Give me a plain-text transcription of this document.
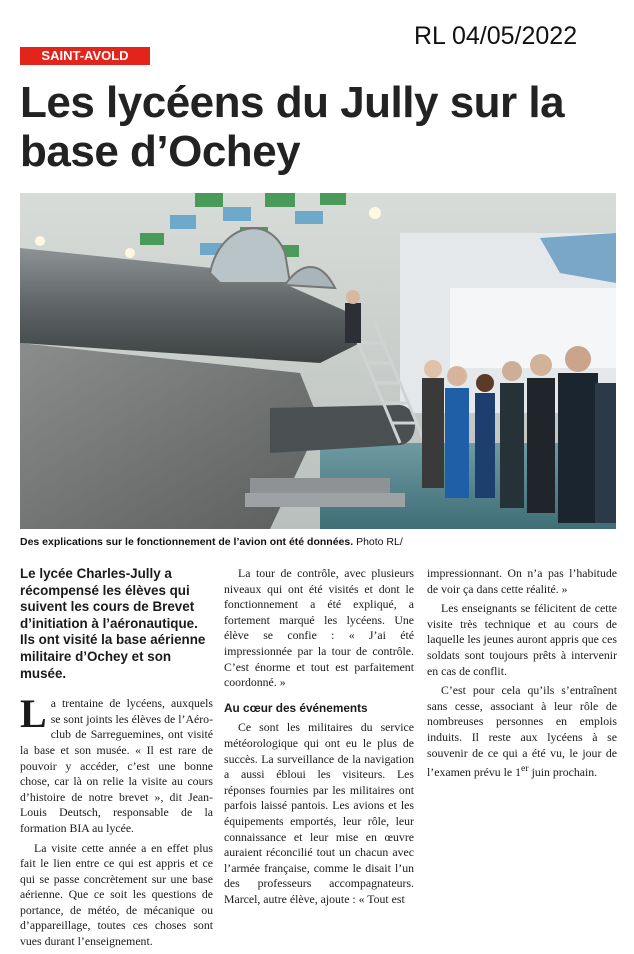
RL 04/05/2022
SAINT-AVOLD
Les lycéens du Jully sur la base d’Ochey
Des explications sur le fonctionnement de l’avion ont été données. Photo RL/

Le lycée Charles-Jully a récompensé les élèves qui suivent les cours de Brevet d’initiation à l’aéronautique. Ils ont visité la base aérienne militaire d’Ochey et son musée.

La trentaine de lycéens, auxquels se sont joints les élèves de l’Aéro-club de Sarreguemines, ont visité la base et son musée. « Il est rare de pouvoir y accéder, c’est une bonne chose, car là on relie la visite au cours d’histoire de notre brevet », dit Jean-Louis Deutsch, responsable de la formation BIA au lycée.

La visite cette année a en effet plus fait le lien entre ce qui est appris et ce qui se passe concrètement sur une base aérienne. Que ce soit les questions de portance, de météo, de mécanique ou d’appareillage, toutes ces choses sont vues durant l’enseignement.

La tour de contrôle, avec plusieurs niveaux qui ont été visités et dont le fonctionnement a été expliqué, a fortement marqué les lycéens. Une élève se confie : « J’ai été impressionnée par la tour de contrôle. C’est énorme et tout est parfaitement coordonné. »

Au cœur des événements

Ce sont les militaires du service météorologique qui ont eu le plus de succès. La surveillance de la navigation a aussi ébloui les visiteurs. Les réponses fournies par les militaires ont parfois laissé pantois. Les avions et les équipements emportés, leur rôle, leur connaissance et leur mise en œuvre auraient réconcilié tout un chacun avec l’armée française, comme le disait l’un des professeurs accompagnateurs. Marcel, autre élève, ajoute : « Tout est

impressionnant. On n’a pas l’habitude de voir ça dans cette réalité. »

Les enseignants se félicitent de cette visite très technique et au cours de laquelle les jeunes auront appris que ces soldats sont toujours prêts à intervenir en cas de conflit.

C’est pour cela qu’ils s’entraînent sans cesse, associant à leur rôle de nombreuses personnes en emplois induits. Il reste aux lycéens à se souvenir de ce qui a été vu, le jour de l’examen prévu le 1er juin prochain.
